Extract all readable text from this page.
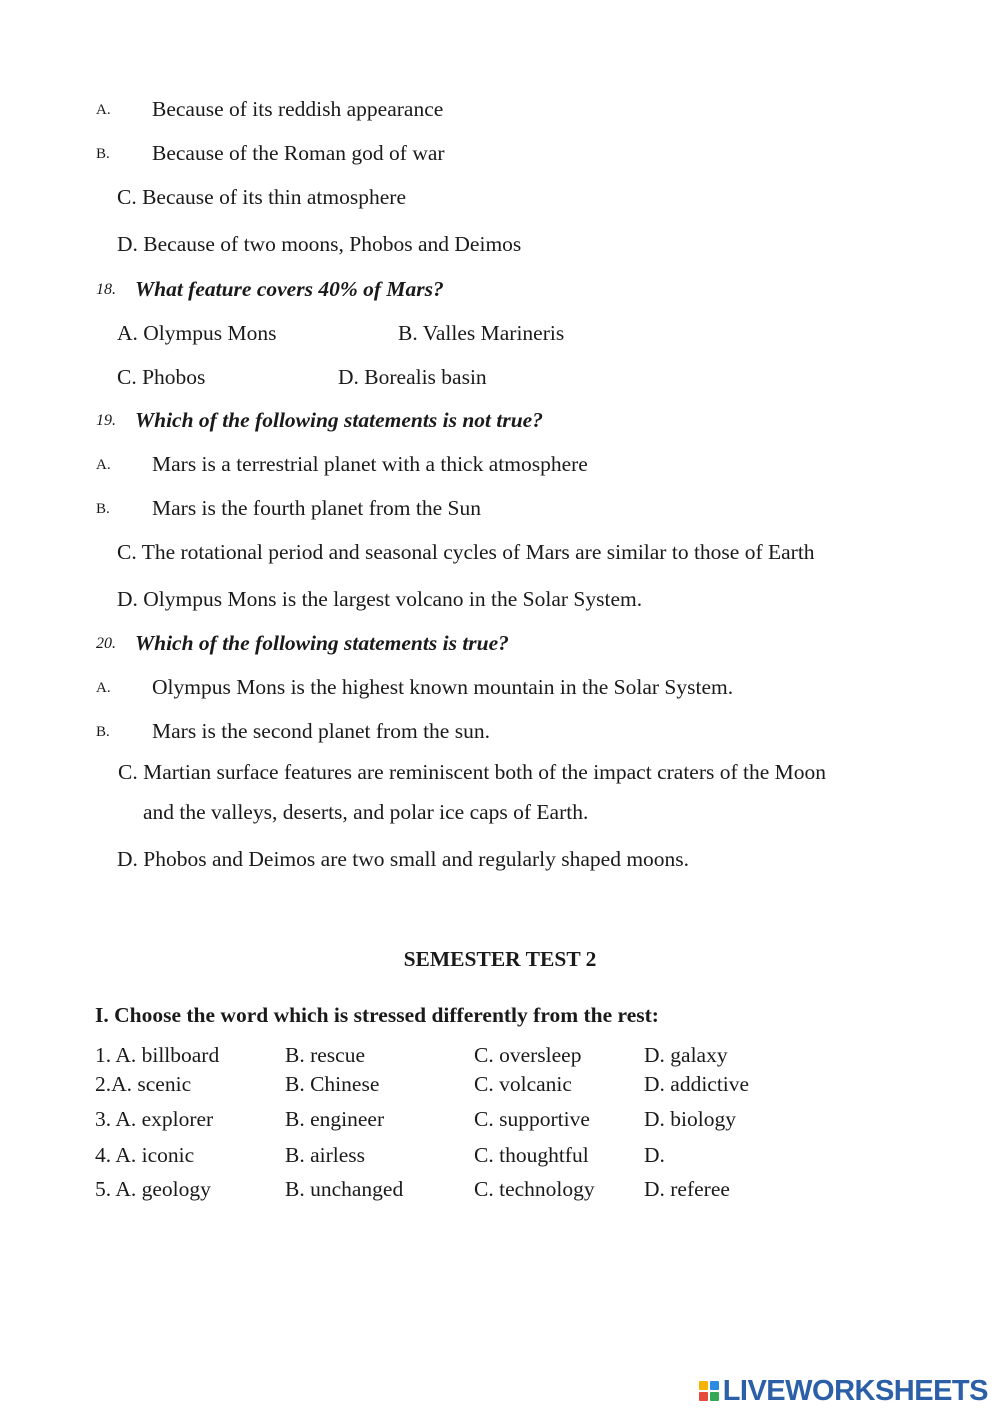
A. Because of its reddish appearance
B. Because of the Roman god of war
C. Because of its thin atmosphere
D. Because of two moons, Phobos and Deimos
18. What feature covers 40% of Mars?
A. Olympus Mons	B. Valles Marineris
C. Phobos	D. Borealis basin
19. Which of the following statements is not true?
A. Mars is a terrestrial planet with a thick atmosphere
B. Mars is the fourth planet from the Sun
C. The rotational period and seasonal cycles of Mars are similar to those of Earth
D. Olympus Mons is the largest volcano in the Solar System.
20. Which of the following statements is true?
A. Olympus Mons is the highest known mountain in the Solar System.
B. Mars is the second planet from the sun.
C. Martian surface features are reminiscent both of the impact craters of the Moon
and the valleys, deserts, and polar ice caps of Earth.
D. Phobos and Deimos are two small and regularly shaped moons.
SEMESTER TEST 2
I. Choose the word which is stressed differently from the rest:
1. A. billboard	B. rescue	C. oversleep	D. galaxy
2.A. scenic	B. Chinese	C. volcanic	D. addictive
3. A. explorer	B. engineer	C. supportive	D. biology
4. A. iconic	B. airless	C. thoughtful	D.
5. A. geology	B. unchanged	C. technology D. referee
LIVEWORKSHEETS
